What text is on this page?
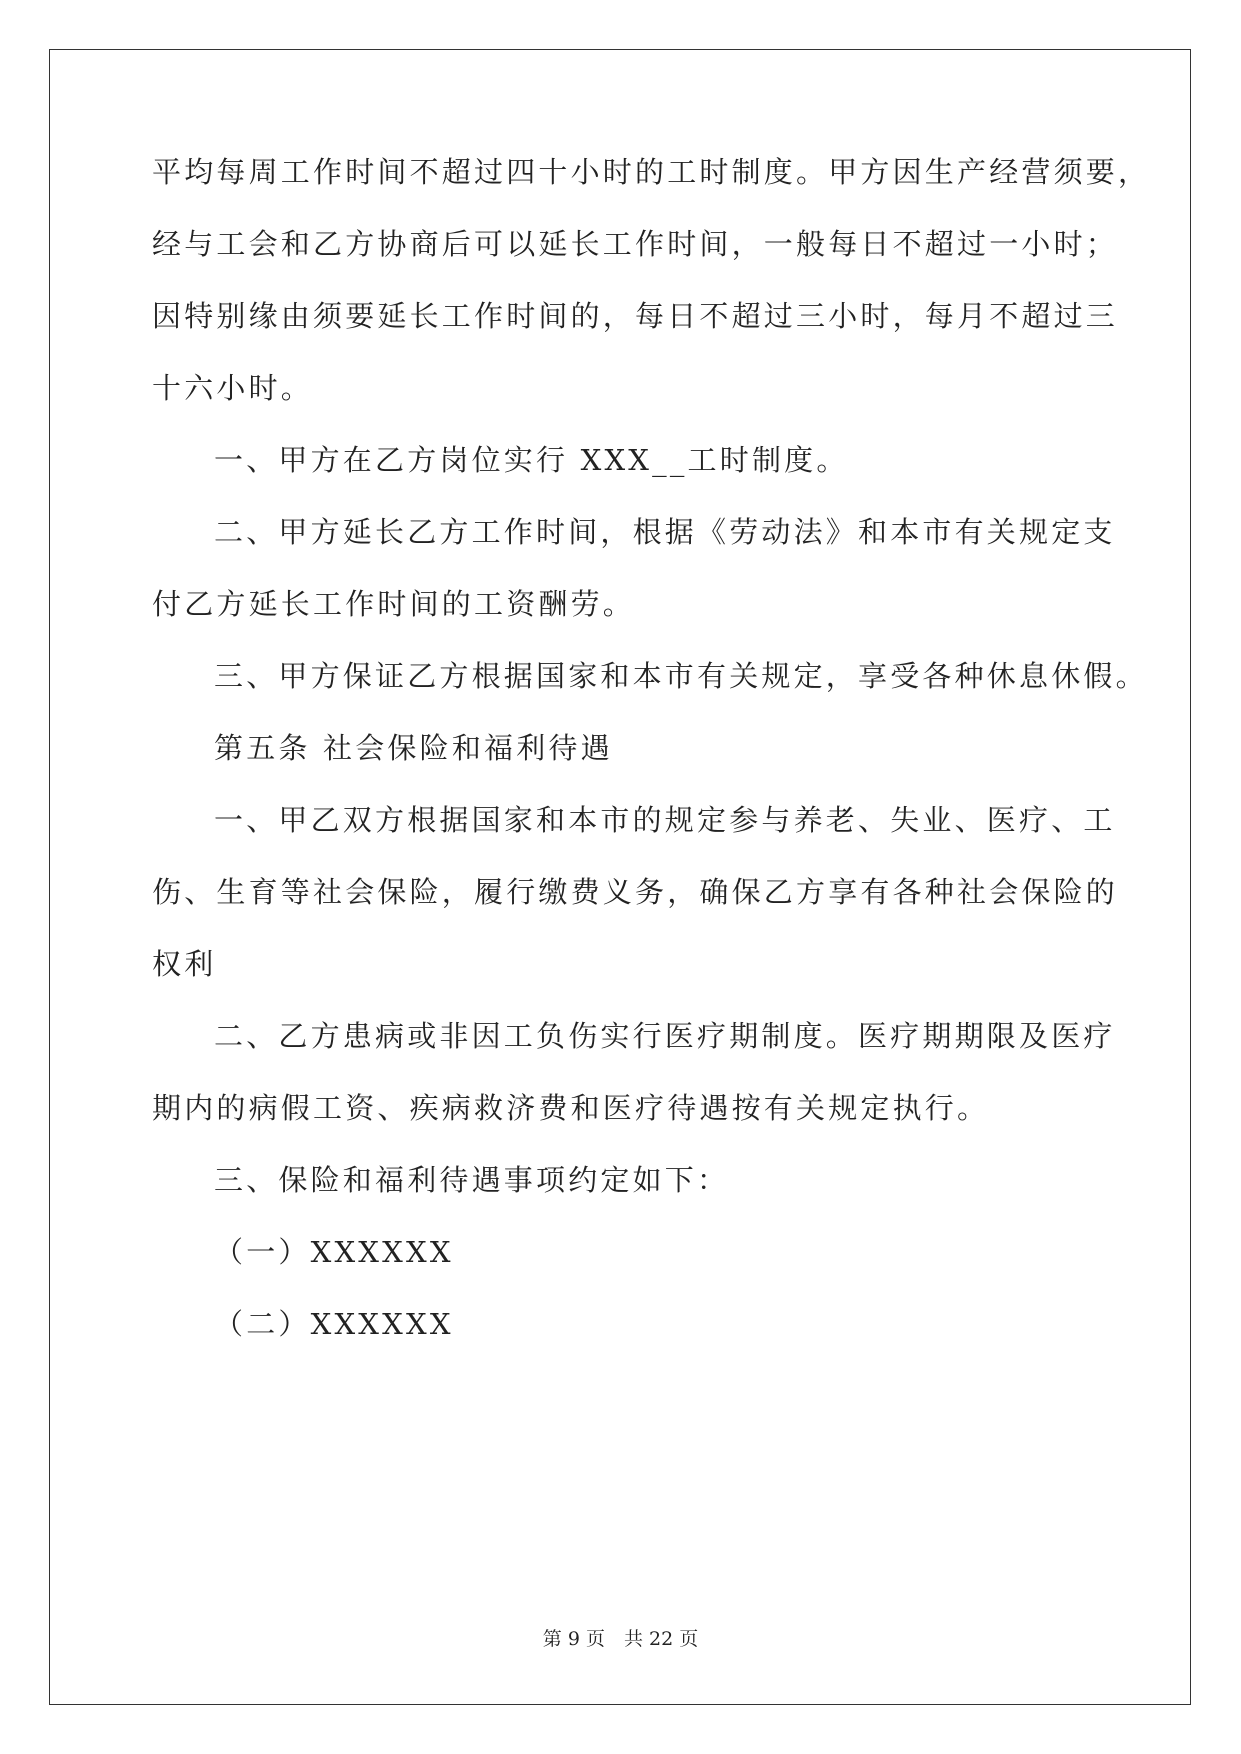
平均每周工作时间不超过四十小时的工时制度。甲方因生产经营须要，
经与工会和乙方协商后可以延长工作时间，一般每日不超过一小时；
因特别缘由须要延长工作时间的，每日不超过三小时，每月不超过三
十六小时。
一、甲方在乙方岗位实行 XXX__工时制度。
二、甲方延长乙方工作时间，根据《劳动法》和本市有关规定支
付乙方延长工作时间的工资酬劳。
三、甲方保证乙方根据国家和本市有关规定，享受各种休息休假。
第五条 社会保险和福利待遇
一、甲乙双方根据国家和本市的规定参与养老、失业、医疗、工
伤、生育等社会保险，履行缴费义务，确保乙方享有各种社会保险的
权利
二、乙方患病或非因工负伤实行医疗期制度。医疗期期限及医疗
期内的病假工资、疾病救济费和医疗待遇按有关规定执行。
三、保险和福利待遇事项约定如下：
（一）XXXXXX
（二）XXXXXX
第 9 页　共 22 页
